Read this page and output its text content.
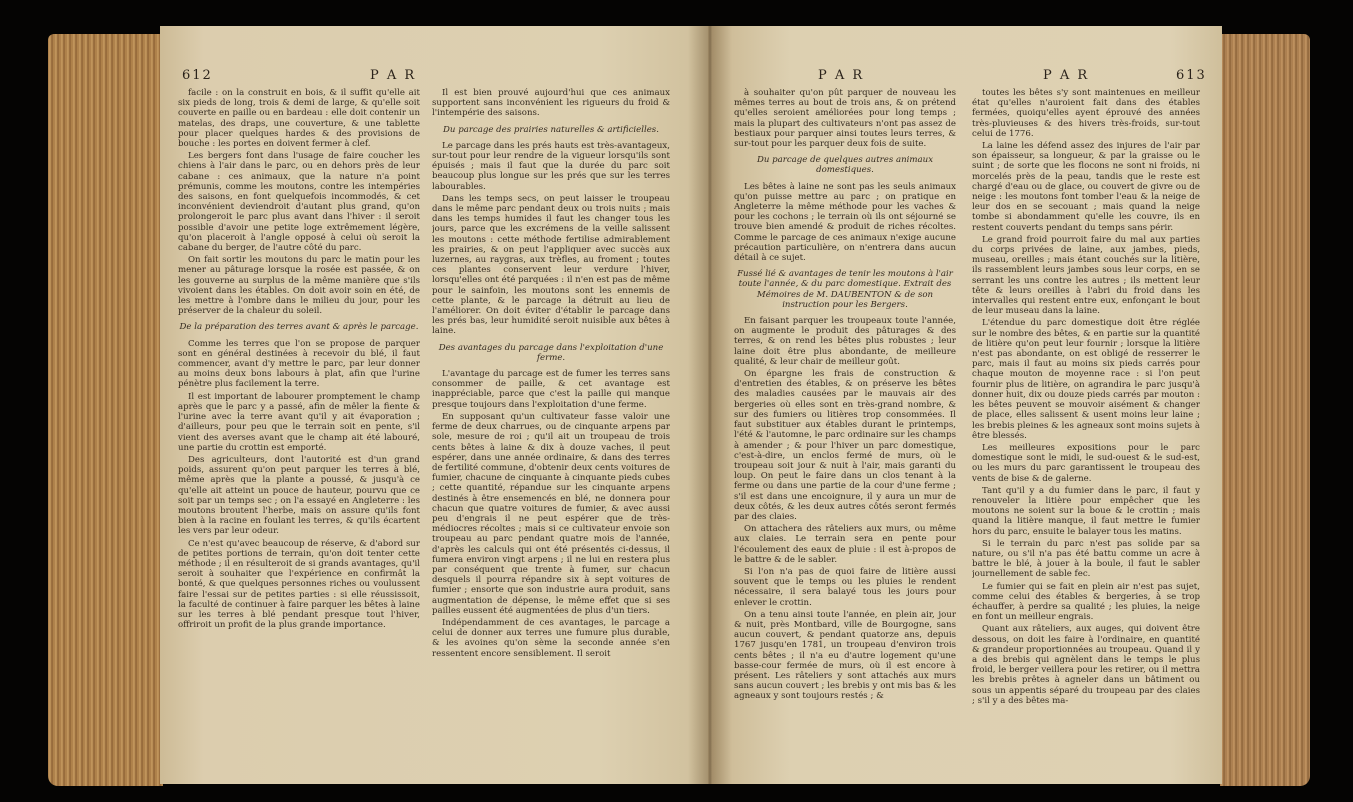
612	P A R

facile : on la construit en bois, & il suffit qu'elle ait six pieds de long, trois & demi de large, & qu'elle soit couverte en paille ou en bardeau : elle doit contenir un matelas, des draps, une couverture, & une tablette pour placer quelques hardes & des provisions de bouche : les portes en doivent fermer à clef.

Les bergers font dans l'usage de faire coucher les chiens à l'air dans le parc, ou en dehors près de leur cabane : ces animaux, que la nature n'a point prémunis, comme les moutons, contre les intempéries des saisons, en font quelquefois incommodés, & cet inconvénient deviendroit d'autant plus grand, qu'on prolongeroit le parc plus avant dans l'hiver : il seroit possible d'avoir une petite loge extrêmement légère, qu'on placeroit à l'angle opposé à celui où seroit la cabane du berger, de l'autre côté du parc.

On fait sortir les moutons du parc le matin pour les mener au pâturage lorsque la rosée est passée, & on les gouverne au surplus de la même manière que s'ils vivoient dans les étables. On doit avoir soin en été, de les mettre à l'ombre dans le milieu du jour, pour les préserver de la chaleur du soleil.

De la préparation des terres avant & après le parcage.

Comme les terres que l'on se propose de parquer sont en général destinées à recevoir du blé, il faut commencer, avant d'y mettre le parc, par leur donner au moins deux bons labours à plat, afin que l'urine pénètre plus facilement la terre.

Il est important de labourer promptement le champ après que le parc y a passé, afin de mêler la fiente & l'urine avec la terre avant qu'il y ait évaporation ; d'ailleurs, pour peu que le terrain soit en pente, s'il vient des averses avant que le champ ait été labouré, une partie du crottin est emporté.

Des agriculteurs, dont l'autorité est d'un grand poids, assurent qu'on peut parquer les terres à blé, même après que la plante a poussé, & jusqu'à ce qu'elle ait atteint un pouce de hauteur, pourvu que ce soit par un temps sec ; on l'a essayé en Angleterre : les moutons broutent l'herbe, mais on assure qu'ils font bien à la racine en foulant les terres, & qu'ils écartent les vers par leur odeur.

Ce n'est qu'avec beaucoup de réserve, & d'abord sur de petites portions de terrain, qu'on doit tenter cette méthode ; il en résulteroit de si grands avantages, qu'il seroit à souhaiter que l'expérience en confirmât la bonté, & que quelques personnes riches ou voulussent faire l'essai sur de petites parties : si elle réussissoit, la faculté de continuer à faire parquer les bêtes à laine sur les terres à blé pendant presque tout l'hiver, offriroit un profit de la plus grande importance.

Il est bien prouvé aujourd'hui que ces animaux supportent sans inconvénient les rigueurs du froid & l'intempérie des saisons.

Du parcage des prairies naturelles & artificielles.

Le parcage dans les prés hauts est très-avantageux, sur-tout pour leur rendre de la vigueur lorsqu'ils sont épuisés ; mais il faut que la durée du parc soit beaucoup plus longue sur les prés que sur les terres labourables.

Dans les temps secs, on peut laisser le troupeau dans le même parc pendant deux ou trois nuits ; mais dans les temps humides il faut les changer tous les jours, parce que les excrémens de la veille salissent les moutons : cette méthode fertilise admirablement les prairies, & on peut l'appliquer avec succès aux luzernes, au raygras, aux trèfles, au froment ; toutes ces plantes conservent leur verdure l'hiver, lorsqu'elles ont été parquées : il n'en est pas de même pour le sainfoin, les moutons sont les ennemis de cette plante, & le parcage la détruit au lieu de l'améliorer. On doit éviter d'établir le parcage dans les prés bas, leur humidité seroit nuisible aux bêtes à laine.

Des avantages du parcage dans l'exploitation d'une ferme.

L'avantage du parcage est de fumer les terres sans consommer de paille, & cet avantage est inappréciable, parce que c'est la paille qui manque presque toujours dans l'exploitation d'une ferme.

En supposant qu'un cultivateur fasse valoir une ferme de deux charrues, ou de cinquante arpens par sole, mesure de roi ; qu'il ait un troupeau de trois cents bêtes à laine & dix à douze vaches, il peut espérer, dans une année ordinaire, & dans des terres de fertilité commune, d'obtenir deux cents voitures de fumier, chacune de cinquante à cinquante pieds cubes ; cette quantité, répandue sur les cinquante arpens destinés à être ensemencés en blé, ne donnera pour chacun que quatre voitures de fumier, & avec aussi peu d'engrais il ne peut espérer que de très-médiocres récoltes ; mais si ce cultivateur envoie son troupeau au parc pendant quatre mois de l'année, d'après les calculs qui ont été présentés ci-dessus, il fumera environ vingt arpens ; il ne lui en restera plus par conséquent que trente à fumer, sur chacun desquels il pourra répandre six à sept voitures de fumier ; ensorte que son industrie aura produit, sans augmentation de dépense, le même effet que si ses pailles eussent été augmentées de plus d'un tiers.

Indépendamment de ces avantages, le parcage a celui de donner aux terres une fumure plus durable, & les avoines qu'on sème la seconde année s'en ressentent encore sensiblement. Il seroit

P A R	P A R	613

à souhaiter qu'on pût parquer de nouveau les mêmes terres au bout de trois ans, & on prétend qu'elles seroient améliorées pour long temps ; mais la plupart des cultivateurs n'ont pas assez de bestiaux pour parquer ainsi toutes leurs terres, & sur-tout pour les parquer deux fois de suite.

Du parcage de quelques autres animaux domestiques.

Les bêtes à laine ne sont pas les seuls animaux qu'on puisse mettre au parc ; on pratique en Angleterre la même méthode pour les vaches & pour les cochons ; le terrain où ils ont séjourné se trouve bien amendé & produit de riches récoltes. Comme le parcage de ces animaux n'exige aucune précaution particulière, on n'entrera dans aucun détail à ce sujet.

Fussé lié & avantages de tenir les moutons à l'air toute l'année, & du parc domestique. Extrait des Mémoires de M. DAUBENTON & de son instruction pour les Bergers.

En faisant parquer les troupeaux toute l'année, on augmente le produit des pâturages & des terres, & on rend les bêtes plus robustes ; leur laine doit être plus abondante, de meilleure qualité, & leur chair de meilleur goût.

On épargne les frais de construction & d'entretien des étables, & on préserve les bêtes des maladies causées par le mauvais air des bergeries où elles sont en très-grand nombre, & sur des fumiers ou litières trop consommées. Il faut substituer aux étables durant le printemps, l'été & l'automne, le parc ordinaire sur les champs à amender ; & pour l'hiver un parc domestique, c'est-à-dire, un enclos fermé de murs, où le troupeau soit jour & nuit à l'air, mais garanti du loup. On peut le faire dans un clos tenant à la ferme ou dans une partie de la cour d'une ferme ; s'il est dans une encoignure, il y aura un mur de deux côtés, & les deux autres côtés seront fermés par des claies.

On attachera des râteliers aux murs, ou même aux claies. Le terrain sera en pente pour l'écoulement des eaux de pluie : il est à-propos de le battre & de le sabler.

Si l'on n'a pas de quoi faire de litière aussi souvent que le temps ou les pluies le rendent nécessaire, il sera balayé tous les jours pour enlever le crottin.

On a tenu ainsi toute l'année, en plein air, jour & nuit, près Montbard, ville de Bourgogne, sans aucun couvert, & pendant quatorze ans, depuis 1767 jusqu'en 1781, un troupeau d'environ trois cents bêtes ; il n'a eu d'autre logement qu'une basse-cour fermée de murs, où il est encore à présent. Les râteliers y sont attachés aux murs sans aucun couvert ; les brebis y ont mis bas & les agneaux y sont toujours restés ; &

toutes les bêtes s'y sont maintenues en meilleur état qu'elles n'auroient fait dans des étables fermées, quoiqu'elles ayent éprouvé des années très-pluvieuses & des hivers très-froids, sur-tout celui de 1776.

La laine les défend assez des injures de l'air par son épaisseur, sa longueur, & par la graisse ou le suint ; de sorte que les flocons ne sont ni froids, ni morcelés près de la peau, tandis que le reste est chargé d'eau ou de glace, ou couvert de givre ou de neige : les moutons font tomber l'eau & la neige de leur dos en se secouant ; mais quand la neige tombe si abondamment qu'elle les couvre, ils en restent couverts pendant du temps sans périr.

Le grand froid pourroit faire du mal aux parties du corps privées de laine, aux jambes, pieds, museau, oreilles ; mais étant couchés sur la litière, ils rassemblent leurs jambes sous leur corps, en se serrant les uns contre les autres ; ils mettent leur tête & leurs oreilles à l'abri du froid dans les intervalles qui restent entre eux, enfonçant le bout de leur museau dans la laine.

L'étendue du parc domestique doit être réglée sur le nombre des bêtes, & en partie sur la quantité de litière qu'on peut leur fournir ; lorsque la litière n'est pas abondante, on est obligé de resserrer le parc, mais il faut au moins six pieds carrés pour chaque mouton de moyenne race : si l'on peut fournir plus de litière, on agrandira le parc jusqu'à donner huit, dix ou douze pieds carrés par mouton : les bêtes peuvent se mouvoir aisément & changer de place, elles salissent & usent moins leur laine ; les brebis pleines & les agneaux sont moins sujets à être blessés.

Les meilleures expositions pour le parc domestique sont le midi, le sud-ouest & le sud-est, ou les murs du parc garantissent le troupeau des vents de bise & de galerne.

Tant qu'il y a du fumier dans le parc, il faut y renouveler la litière pour empêcher que les moutons ne soient sur la boue & le crottin ; mais quand la litière manque, il faut mettre le fumier hors du parc, ensuite le balayer tous les matins.

Si le terrain du parc n'est pas solide par sa nature, ou s'il n'a pas été battu comme un acre à battre le blé, à jouer à la boule, il faut le sabler journellement de sable fec.

Le fumier qui se fait en plein air n'est pas sujet, comme celui des étables & bergeries, à se trop échauffer, à perdre sa qualité ; les pluies, la neige en font un meilleur engrais.

Quant aux râteliers, aux auges, qui doivent être dessous, on doit les faire à l'ordinaire, en quantité & grandeur proportionnées au troupeau. Quand il y a des brebis qui agnèlent dans le temps le plus froid, le berger veillera pour les retirer, ou il mettra les brebis prêtes à agneler dans un bâtiment ou sous un appentis séparé du troupeau par des claies ; s'il y a des bêtes ma-
